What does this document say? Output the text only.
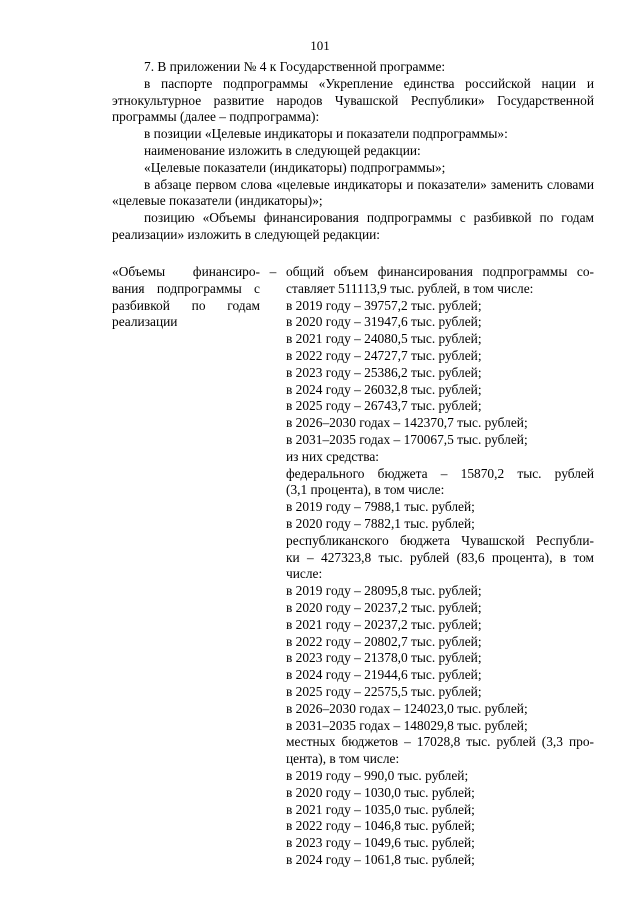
101

7. В приложении № 4 к Государственной программе:

в паспорте подпрограммы «Укрепление единства российской нации и этнокультурное развитие народов Чувашской Республики» Государственной программы (далее – подпрограмма):

в позиции «Целевые индикаторы и показатели подпрограммы»:

наименование изложить в следующей редакции:

«Целевые показатели (индикаторы) подпрограммы»;

в абзаце первом слова «целевые индикаторы и показатели» заменить словами «целевые показатели (индикаторы)»;

позицию «Объемы финансирования подпрограммы с разбивкой по годам реализации» изложить в следующей редакции:

«Объемы финансиро-
вания подпрограммы с
разбивкой по годам
реализации
– общий объем финансирования подпрограммы со-
ставляет 511113,9 тыс. рублей, в том числе:
в 2019 году – 39757,2 тыс. рублей;
в 2020 году – 31947,6 тыс. рублей;
в 2021 году – 24080,5 тыс. рублей;
в 2022 году – 24727,7 тыс. рублей;
в 2023 году – 25386,2 тыс. рублей;
в 2024 году – 26032,8 тыс. рублей;
в 2025 году – 26743,7 тыс. рублей;
в 2026–2030 годах – 142370,7 тыс. рублей;
в 2031–2035 годах – 170067,5 тыс. рублей;
из них средства:
федерального бюджета – 15870,2 тыс. рублей
(3,1 процента), в том числе:
в 2019 году – 7988,1 тыс. рублей;
в 2020 году – 7882,1 тыс. рублей;
республиканского бюджета Чувашской Республи-
ки – 427323,8 тыс. рублей (83,6 процента), в том
числе:
в 2019 году – 28095,8 тыс. рублей;
в 2020 году – 20237,2 тыс. рублей;
в 2021 году – 20237,2 тыс. рублей;
в 2022 году – 20802,7 тыс. рублей;
в 2023 году – 21378,0 тыс. рублей;
в 2024 году – 21944,6 тыс. рублей;
в 2025 году – 22575,5 тыс. рублей;
в 2026–2030 годах – 124023,0 тыс. рублей;
в 2031–2035 годах – 148029,8 тыс. рублей;
местных бюджетов – 17028,8 тыс. рублей (3,3 про-
цента), в том числе:
в 2019 году – 990,0 тыс. рублей;
в 2020 году – 1030,0 тыс. рублей;
в 2021 году – 1035,0 тыс. рублей;
в 2022 году – 1046,8 тыс. рублей;
в 2023 году – 1049,6 тыс. рублей;
в 2024 году – 1061,8 тыс. рублей;
